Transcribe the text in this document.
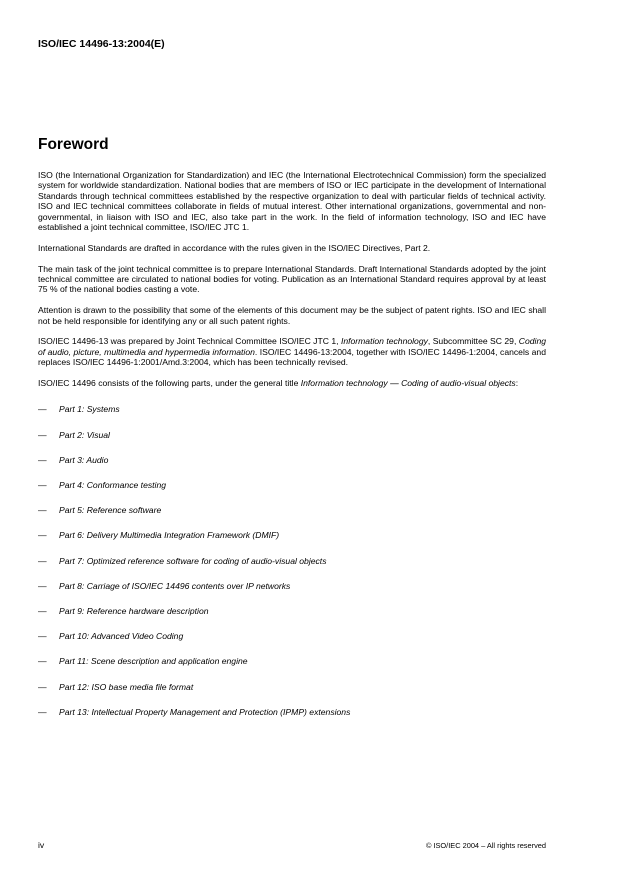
ISO/IEC 14496-13:2004(E)
Foreword

ISO (the International Organization for Standardization) and IEC (the International Electrotechnical Commission) form the specialized system for worldwide standardization. National bodies that are members of ISO or IEC participate in the development of International Standards through technical committees established by the respective organization to deal with particular fields of technical activity. ISO and IEC technical committees collaborate in fields of mutual interest. Other international organizations, governmental and non-governmental, in liaison with ISO and IEC, also take part in the work. In the field of information technology, ISO and IEC have established a joint technical committee, ISO/IEC JTC 1.

International Standards are drafted in accordance with the rules given in the ISO/IEC Directives, Part 2.

The main task of the joint technical committee is to prepare International Standards. Draft International Standards adopted by the joint technical committee are circulated to national bodies for voting. Publication as an International Standard requires approval by at least 75 % of the national bodies casting a vote.

Attention is drawn to the possibility that some of the elements of this document may be the subject of patent rights. ISO and IEC shall not be held responsible for identifying any or all such patent rights.

ISO/IEC 14496-13 was prepared by Joint Technical Committee ISO/IEC JTC 1, Information technology, Subcommittee SC 29, Coding of audio, picture, multimedia and hypermedia information. ISO/IEC 14496-13:2004, together with ISO/IEC 14496-1:2004, cancels and replaces ISO/IEC 14496-1:2001/Amd.3:2004, which has been technically revised.

ISO/IEC 14496 consists of the following parts, under the general title Information technology — Coding of audio-visual objects:

— Part 1: Systems
— Part 2: Visual
— Part 3: Audio
— Part 4: Conformance testing
— Part 5: Reference software
— Part 6: Delivery Multimedia Integration Framework (DMIF)
— Part 7: Optimized reference software for coding of audio-visual objects
— Part 8: Carriage of ISO/IEC 14496 contents over IP networks
— Part 9: Reference hardware description
— Part 10: Advanced Video Coding
— Part 11: Scene description and application engine
— Part 12: ISO base media file format
— Part 13: Intellectual Property Management and Protection (IPMP) extensions
iv	© ISO/IEC 2004 – All rights reserved
